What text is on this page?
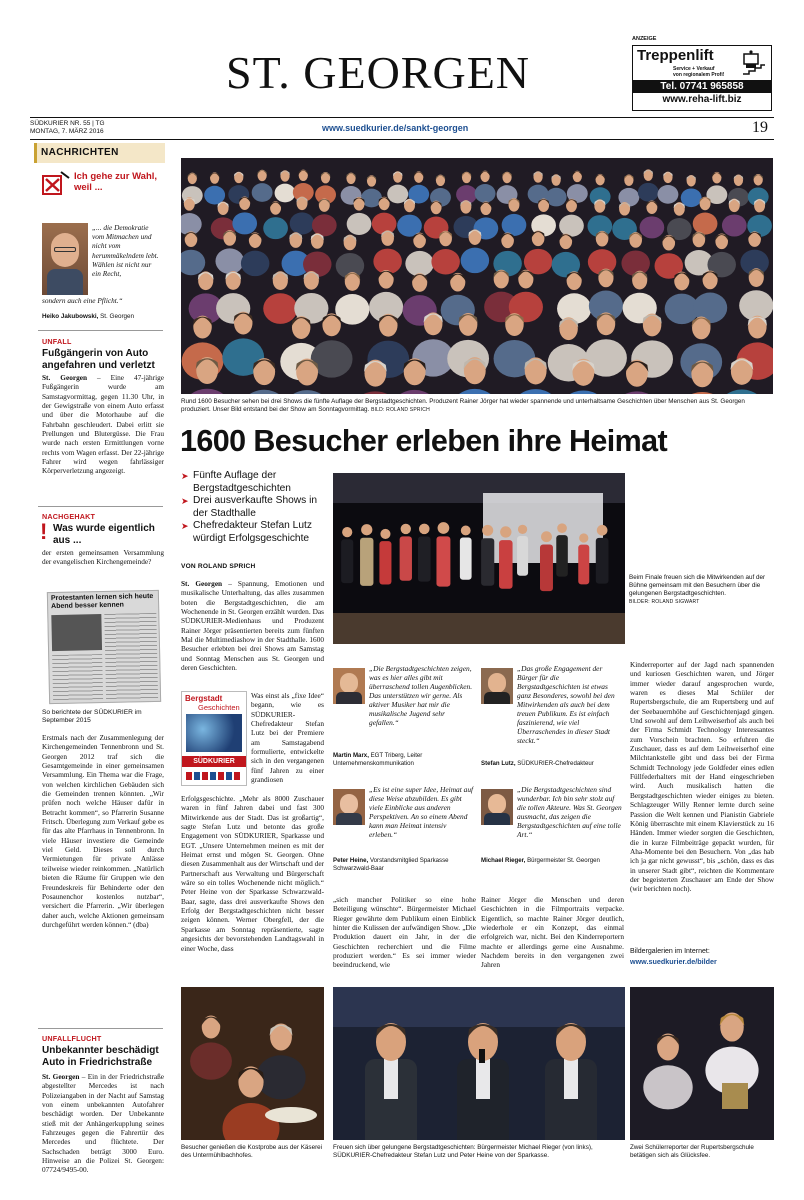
ST. GEORGEN
ANZEIGE
Treppenlift
Service + Verkauf
von regionalem Profi!
Tel. 07741 965858
www.reha-lift.biz
SÜDKURIER NR. 55 | TG
MONTAG, 7. MÄRZ 2016	www.suedkurier.de/sankt-georgen	19
NACHRICHTEN
Ich gehe zur Wahl, weil ...
„... die Demokratie vom Mitmachen und nicht vom herummäkelndem lebt. Wählen ist nicht nur ein Recht,
sondern auch eine Pflicht.“
Heiko Jakubowski, St. Georgen
UNFALL
Fußgängerin von Auto angefahren und verletzt

St. Georgen – Eine 47-jährige Fußgängerin wurde am Samstagvormittag, gegen 11.30 Uhr, in der Gewigstraße von einem Auto erfasst und über die Motorhaube auf die Fahrbahn geschleudert. Dabei erlitt sie Prellungen und Blutergüsse. Die Frau wurde nach ersten Ermittlungen vorne rechts vom Wagen erfasst. Der 22-jährige Fahrer wird wegen fahrlässiger Körperverletzung angezeigt.

NACHGEHAKT
! Was wurde eigentlich aus ...

der ersten gemeinsamen Versammlung der evangelischen Kirchengemeinde?

Protestanten lernen sich heute Abend besser kennen
So berichtete der SÜDKURIER im September 2015

Erstmals nach der Zusammenlegung der Kirchengemeinden Tennenbronn und St. Georgen 2012 traf sich die Gesamtgemeinde in einer gemeinsamen Versammlung. Ein Thema war die Frage, von welchen kirchlichen Gebäuden sich die Gemeinden trennen könnten. „Wir prüfen noch welche Häuser dafür in Betracht kommen“, so Pfarrerin Susanne Fritsch. Überlegung zum Verkauf gebe es für das alte Pfarrhaus in Tennenbronn. In viele Häuser investiere die Gemeinde viel Geld. Dieses soll durch Vermietungen für private Anlässe teilweise wieder reinkommen. „Natürlich bieten die Räume für Gruppen wie den Freundeskreis für Behinderte oder den Posaunenchor kostenlos nutzbar“, versichert die Pfarrerin. „Wir überlegen daher auch, welche Aktionen gemeinsam durchgeführt werden können.“ (dba)

UNFALLFLUCHT
Unbekannter beschädigt Auto in Friedrichstraße

St. Georgen – Ein in der Friedrichstraße abgestellter Mercedes ist nach Polizeiangaben in der Nacht auf Samstag von einem unbekannten Autofahrer beschädigt worden. Der Unbekannte stieß mit der Anhängerkupplung seines Fahrzeuges gegen die Fahrertür des Mercedes und flüchtete. Der Sachschaden beträgt 3000 Euro. Hinweise an die Polizei St. Georgen: 07724/9495-00.

Rund 1600 Besucher sehen bei drei Shows die fünfte Auflage der Bergstadtgeschichten. Produzent Rainer Jörger hat wieder spannende und unterhaltsame Geschichten über Menschen aus St. Georgen produziert. Unser Bild entstand bei der Show am Sonntagvormittag. BILD: ROLAND SPRICH
1600 Besucher erleben ihre Heimat
➤ Fünfte Auflage der Bergstadtgeschichten
➤ Drei ausverkaufte Shows in der Stadthalle
➤ Chefredakteur Stefan Lutz würdigt Erfolgsgeschichte
VON ROLAND SPRICH
Beim Finale freuen sich die Mitwirkenden auf der Bühne gemeinsam mit den Besuchern über die gelungenen Bergstadtgeschichten.
BILDER: ROLAND SIGWART

St. Georgen – Spannung, Emotionen und musikalische Unterhaltung, das alles zusammen boten die Bergstadtgeschichten, die am Wochenende in St. Georgen erzählt wurden. Das SÜDKURIER-Medienhaus und Produzent Rainer Jörger präsentierten bereits zum fünften Mal die Multimediashow in der Stadthalle. 1600 Besucher erlebten bei drei Shows am Samstag und Sonntag Menschen aus St. Georgen und deren Geschichten.

Bergstadt
Geschichten
SÜDKURIER

Was einst als „fixe Idee“ begann, wie es SÜDKURIER-Chefredakteur Stefan Lutz bei der Premiere am Samstagabend formulierte, entwickelte sich in den vergangenen fünf Jahren zu einer grandiosen

Erfolgsgeschichte. „Mehr als 8000 Zuschauer waren in fünf Jahren dabei und fast 300 Mitwirkende aus der Stadt. Das ist großartig“, sagte Stefan Lutz und betonte das große Engagement von SÜDKURIER, Sparkasse und EGT. „Unsere Unternehmen meinen es mit der Heimat ernst und mögen St. Georgen. Ohne diesen Zusammenhalt aus der Wirtschaft und der Partnerschaft aus Verwaltung und Bürgerschaft wäre so ein tolles Wochenende nicht möglich.“ Peter Heine von der Sparkasse Schwarzwald-Baar, sagte, dass drei ausverkaufte Shows den Erfolg der Bergstadtgeschichten nicht besser zeigen können. Werner Obergfell, der die Sparkasse am Sonntag repräsentierte, sagte angesichts der bevorstehenden Landtagswahl in einer Woche, dass

„Die Bergstadtgeschichten zeigen, was es hier alles gibt mit überraschend tollen Augenblicken. Das unterstützen wir gerne. Als aktiver Musiker hat mir die musikalische Jugend sehr gefallen.“
Martin Marx, EGT Triberg, Leiter Unternehmenskommunikation
„Das große Engagement der Bürger für die Bergstadtgeschichten ist etwas ganz Besonderes, sowohl bei den Mitwirkenden als auch bei dem treuen Publikum. Es ist einfach faszinierend, wie viel Überraschendes in dieser Stadt steckt.“
Stefan Lutz, SÜDKURIER-Chefredakteur
„Es ist eine super Idee, Heimat auf diese Weise abzubilden. Es gibt viele Einblicke aus anderen Perspektiven. An so einem Abend kann man Heimat intensiv erleben.“
Peter Heine, Vorstandsmitglied Sparkasse Schwarzwald-Baar
„Die Bergstadtgeschichten sind wunderbar. Ich bin sehr stolz auf die tollen Akteure. Was St. Georgen ausmacht, das zeigen die Bergstadtgeschichten auf eine tolle Art.“
Michael Rieger, Bürgermeister St. Georgen

„sich mancher Politiker so eine hohe Beteiligung wünschte“. Bürgermeister Michael Rieger gewährte dem Publikum einen Einblick hinter die Kulissen der aufwändigen Show. „Die Produktion dauert ein Jahr, in der die Geschichten recherchiert und die Filme produziert werden.“ Es sei immer wieder beeindruckend, wie

Rainer Jörger die Menschen und deren Geschichten in die Filmportraits verpacke. Eigentlich, so machte Rainer Jörger deutlich, wiederhole er ein Konzept, das einmal erfolgreich war, nicht. Bei den Kinderreportern machte er allerdings gerne eine Ausnahme. Nachdem bereits in den vergangenen zwei Jahren

Kinderreporter auf der Jagd nach spannenden und kuriosen Geschichten waren, und Jörger immer wieder darauf angesprochen wurde, waren es dieses Mal Schüler der Rupertsbergschule, die am Rupertsberg und auf der Seebauernhöhe auf Geschichtenjagd gingen. Und sowohl auf dem Leihweiserhof als auch bei der Firma Schmidt Technology Interessantes zum Vorschein brachten. So erfuhren die Zuschauer, dass es auf dem Leihweiserhof eine Milchtankstelle gibt und dass bei der Firma Schmidt Technology jede Goldfeder eines edlen Füllfederhalters mit der Hand eingeschrieben wird. Auch musikalisch hatten die Bergstadtgeschichten wieder einiges zu bieten. Schlagzeuger Willy Renner lernte durch seine Passion die Welt kennen und Pianistin Gabriele König überraschte mit einem Klavierstück zu 16 Händen. Immer wieder sorgten die Geschichten, die in kurze Filmbeiträge gepackt wurden, für Aha-Momente bei den Besuchern. Von „das hab ich ja gar nicht gewusst“, bis „schön, dass es das in unserer Stadt gibt“, reichten die Kommentare der begeisterten Zuschauer am Ende der Show (wir berichten noch).

Bildergalerien im Internet:
www.suedkurier.de/bilder
Besucher genießen die Kostprobe aus der Käserei des Untermühlbachhofes.
Freuen sich über gelungene Bergstadtgeschichten: Bürgermeister Michael Rieger (von links), SÜDKURIER-Chefredakteur Stefan Lutz und Peter Heine von der Sparkasse.
Zwei Schülerreporter der Rupertsbergschule betätigen sich als Glücksfee.
